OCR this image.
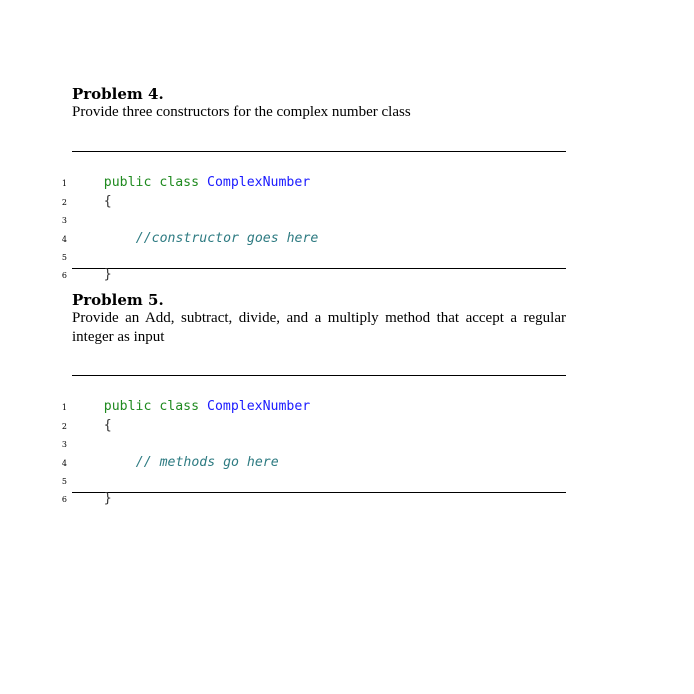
Problem 4.

Provide three constructors for the complex number class

1	public class ComplexNumber

2	{

3

4	//constructor goes here

5

6	}

Problem 5.

Provide an Add, subtract, divide, and a multiply method that accept a regular integer as input

1	public class ComplexNumber

2	{

3

4	// methods go here

5

6	}
